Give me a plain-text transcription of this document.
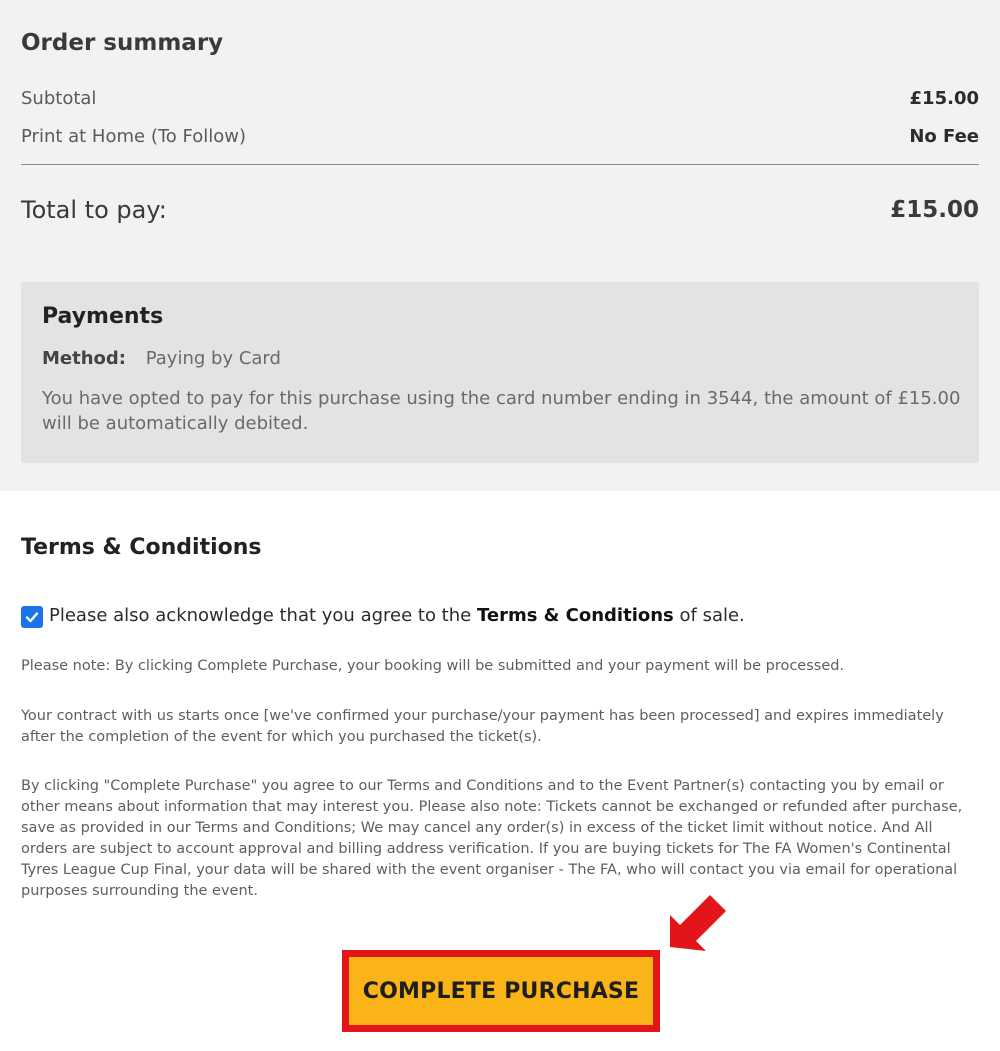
Order summary
Subtotal	£15.00
Print at Home (To Follow)	No Fee
Total to pay:	£15.00
Payments
Method: Paying by Card
You have opted to pay for this purchase using the card number ending in 3544, the amount of £15.00 will be automatically debited.
Terms & Conditions
Please also acknowledge that you agree to the
Terms & Conditions
of sale.
Please note: By clicking Complete Purchase, your booking will be submitted and your payment will be processed.
Your contract with us starts once [we've confirmed your purchase/your payment has been processed] and expires immediately after the completion of the event for which you purchased the ticket(s).
By clicking "Complete Purchase" you agree to our Terms and Conditions and to the Event Partner(s) contacting you by email or other means about information that may interest you. Please also note: Tickets cannot be exchanged or refunded after purchase, save as provided in our Terms and Conditions; We may cancel any order(s) in excess of the ticket limit without notice. And All orders are subject to account approval and billing address verification. If you are buying tickets for The FA Women's Continental Tyres League Cup Final, your data will be shared with the event organiser - The FA, who will contact you via email for operational purposes surrounding the event.
COMPLETE PURCHASE
